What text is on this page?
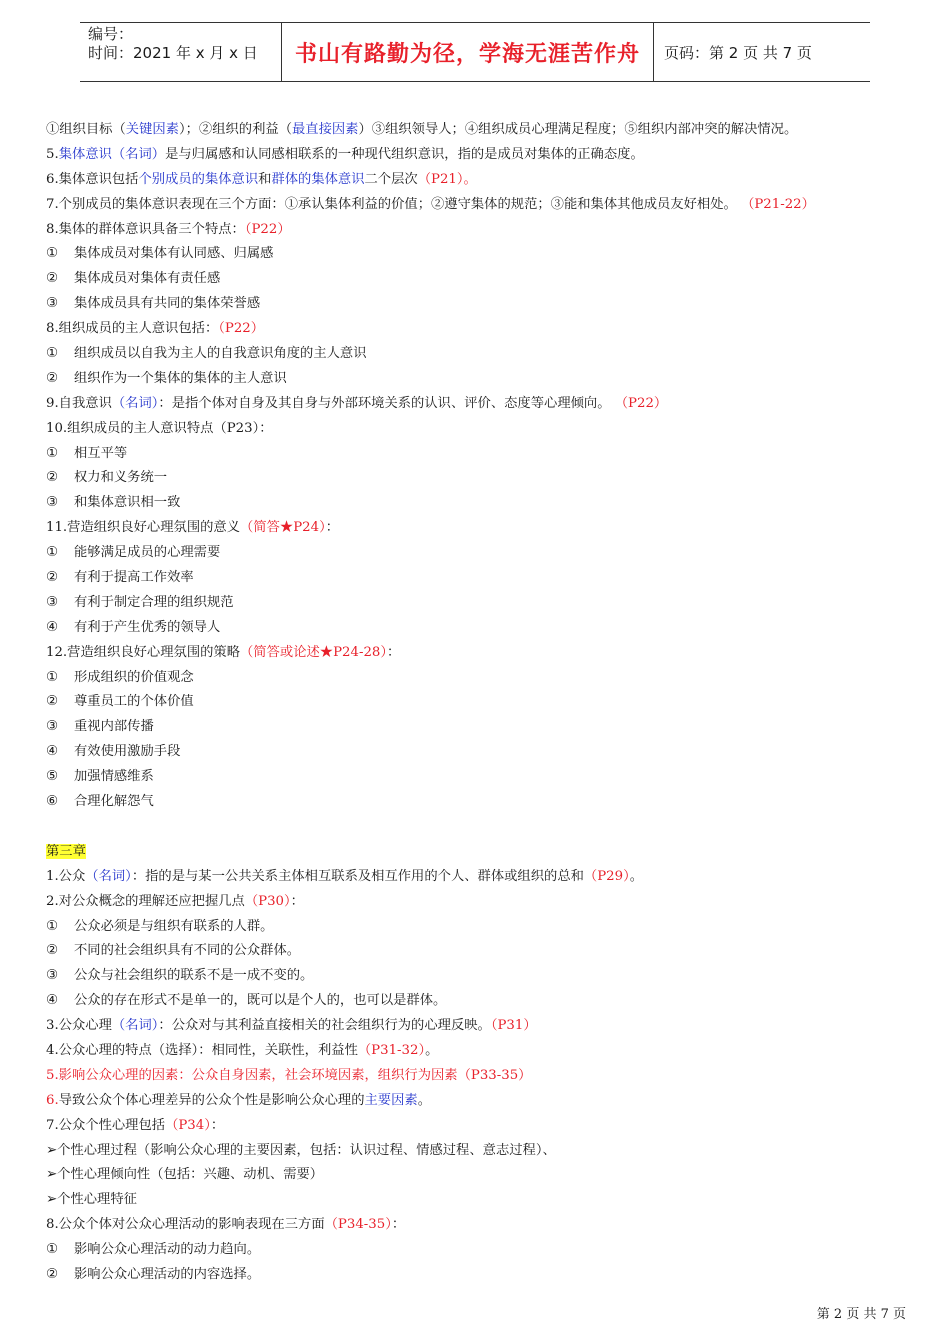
编号：
时间：2021 年 x 月 x 日	书山有路勤为径，学海无涯苦作舟	页码：第 2 页 共 7 页
①组织目标（关键因素）；②组织的利益（最直接因素）③组织领导人；④组织成员心理满足程度；⑤组织内部冲突的解决情况。
5.集体意识（名词）是与归属感和认同感相联系的一种现代组织意识，指的是成员对集体的正确态度。
6.集体意识包括个别成员的集体意识和群体的集体意识二个层次（P21）。
7.个别成员的集体意识表现在三个方面：①承认集体利益的价值；②遵守集体的规范；③能和集体其他成员友好相处。 （P21-22）
8.集体的群体意识具备三个特点：（P22）
① 集体成员对集体有认同感、归属感
② 集体成员对集体有责任感
③ 集体成员具有共同的集体荣誉感
8.组织成员的主人意识包括：（P22）
① 组织成员以自我为主人的自我意识角度的主人意识
② 组织作为一个集体的集体的主人意识
9.自我意识（名词）：是指个体对自身及其自身与外部环境关系的认识、评价、态度等心理倾向。 （P22）
10.组织成员的主人意识特点（P23）：
① 相互平等
② 权力和义务统一
③ 和集体意识相一致
11.营造组织良好心理氛围的意义（简答★P24）：
① 能够满足成员的心理需要
② 有利于提高工作效率
③ 有利于制定合理的组织规范
④ 有利于产生优秀的领导人
12.营造组织良好心理氛围的策略（简答或论述★P24-28）：
① 形成组织的价值观念
② 尊重员工的个体价值
③ 重视内部传播
④ 有效使用激励手段
⑤ 加强情感维系
⑥ 合理化解怨气
第三章
1.公众（名词）：指的是与某一公共关系主体相互联系及相互作用的个人、群体或组织的总和（P29）。
2.对公众概念的理解还应把握几点（P30）：
① 公众必须是与组织有联系的人群。
② 不同的社会组织具有不同的公众群体。
③ 公众与社会组织的联系不是一成不变的。
④ 公众的存在形式不是单一的，既可以是个人的，也可以是群体。
3.公众心理（名词）：公众对与其利益直接相关的社会组织行为的心理反映。（P31）
4.公众心理的特点（选择）：相同性，关联性，利益性（P31-32）。
5.影响公众心理的因素：公众自身因素，社会环境因素，组织行为因素（P33-35）
6.导致公众个体心理差异的公众个性是影响公众心理的主要因素。
7.公众个性心理包括（P34）：
➢个性心理过程（影响公众心理的主要因素，包括：认识过程、情感过程、意志过程）、
➢个性心理倾向性（包括：兴趣、动机、需要）
➢个性心理特征
8.公众个体对公众心理活动的影响表现在三方面（P34-35）：
① 影响公众心理活动的动力趋向。
② 影响公众心理活动的内容选择。
第 2 页 共 7 页
